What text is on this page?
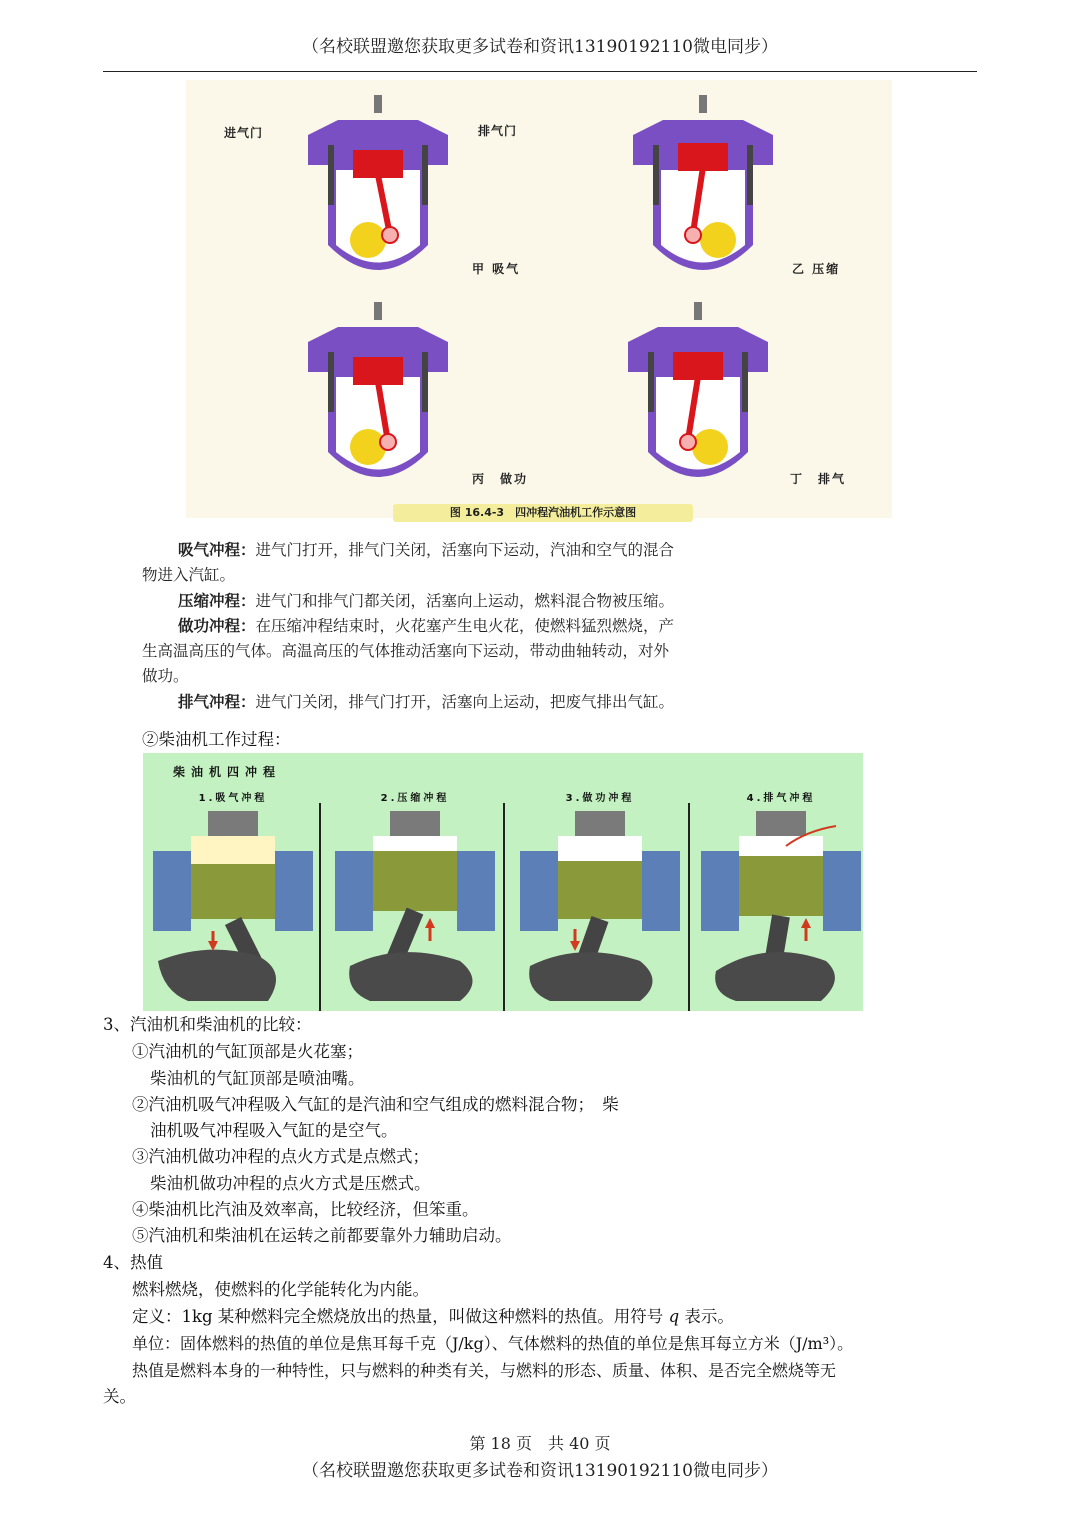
（名校联盟邀您获取更多试卷和资讯13190192110微电同步）
进气门	排气门
甲 吸气	乙 压缩
丙　做功	丁　排气
图 16.4-3　四冲程汽油机工作示意图
吸气冲程：进气门打开，排气门关闭，活塞向下运动，汽油和空气的混合
物进入汽缸。
压缩冲程：进气门和排气门都关闭，活塞向上运动，燃料混合物被压缩。
做功冲程：在压缩冲程结束时，火花塞产生电火花，使燃料猛烈燃烧，产
生高温高压的气体。高温高压的气体推动活塞向下运动，带动曲轴转动，对外
做功。
排气冲程：进气门关闭，排气门打开，活塞向上运动，把废气排出气缸。
②柴油机工作过程：
柴油机四冲程
1.吸气冲程	2.压缩冲程	3.做功冲程	4.排气冲程
3、汽油机和柴油机的比较：
①汽油机的气缸顶部是火花塞；
柴油机的气缸顶部是喷油嘴。
②汽油机吸气冲程吸入气缸的是汽油和空气组成的燃料混合物；　柴
油机吸气冲程吸入气缸的是空气。
③汽油机做功冲程的点火方式是点燃式；
柴油机做功冲程的点火方式是压燃式。
④柴油机比汽油及效率高，比较经济，但笨重。
⑤汽油机和柴油机在运转之前都要靠外力辅助启动。
4、热值
燃料燃烧，使燃料的化学能转化为内能。
定义：1kg 某种燃料完全燃烧放出的热量，叫做这种燃料的热值。用符号 q 表示。
单位：固体燃料的热值的单位是焦耳每千克（J/kg）、气体燃料的热值的单位是焦耳每立方米（J/m³）。
热值是燃料本身的一种特性，只与燃料的种类有关，与燃料的形态、质量、体积、是否完全燃烧等无
关。
第 18 页　共 40 页
（名校联盟邀您获取更多试卷和资讯13190192110微电同步）
